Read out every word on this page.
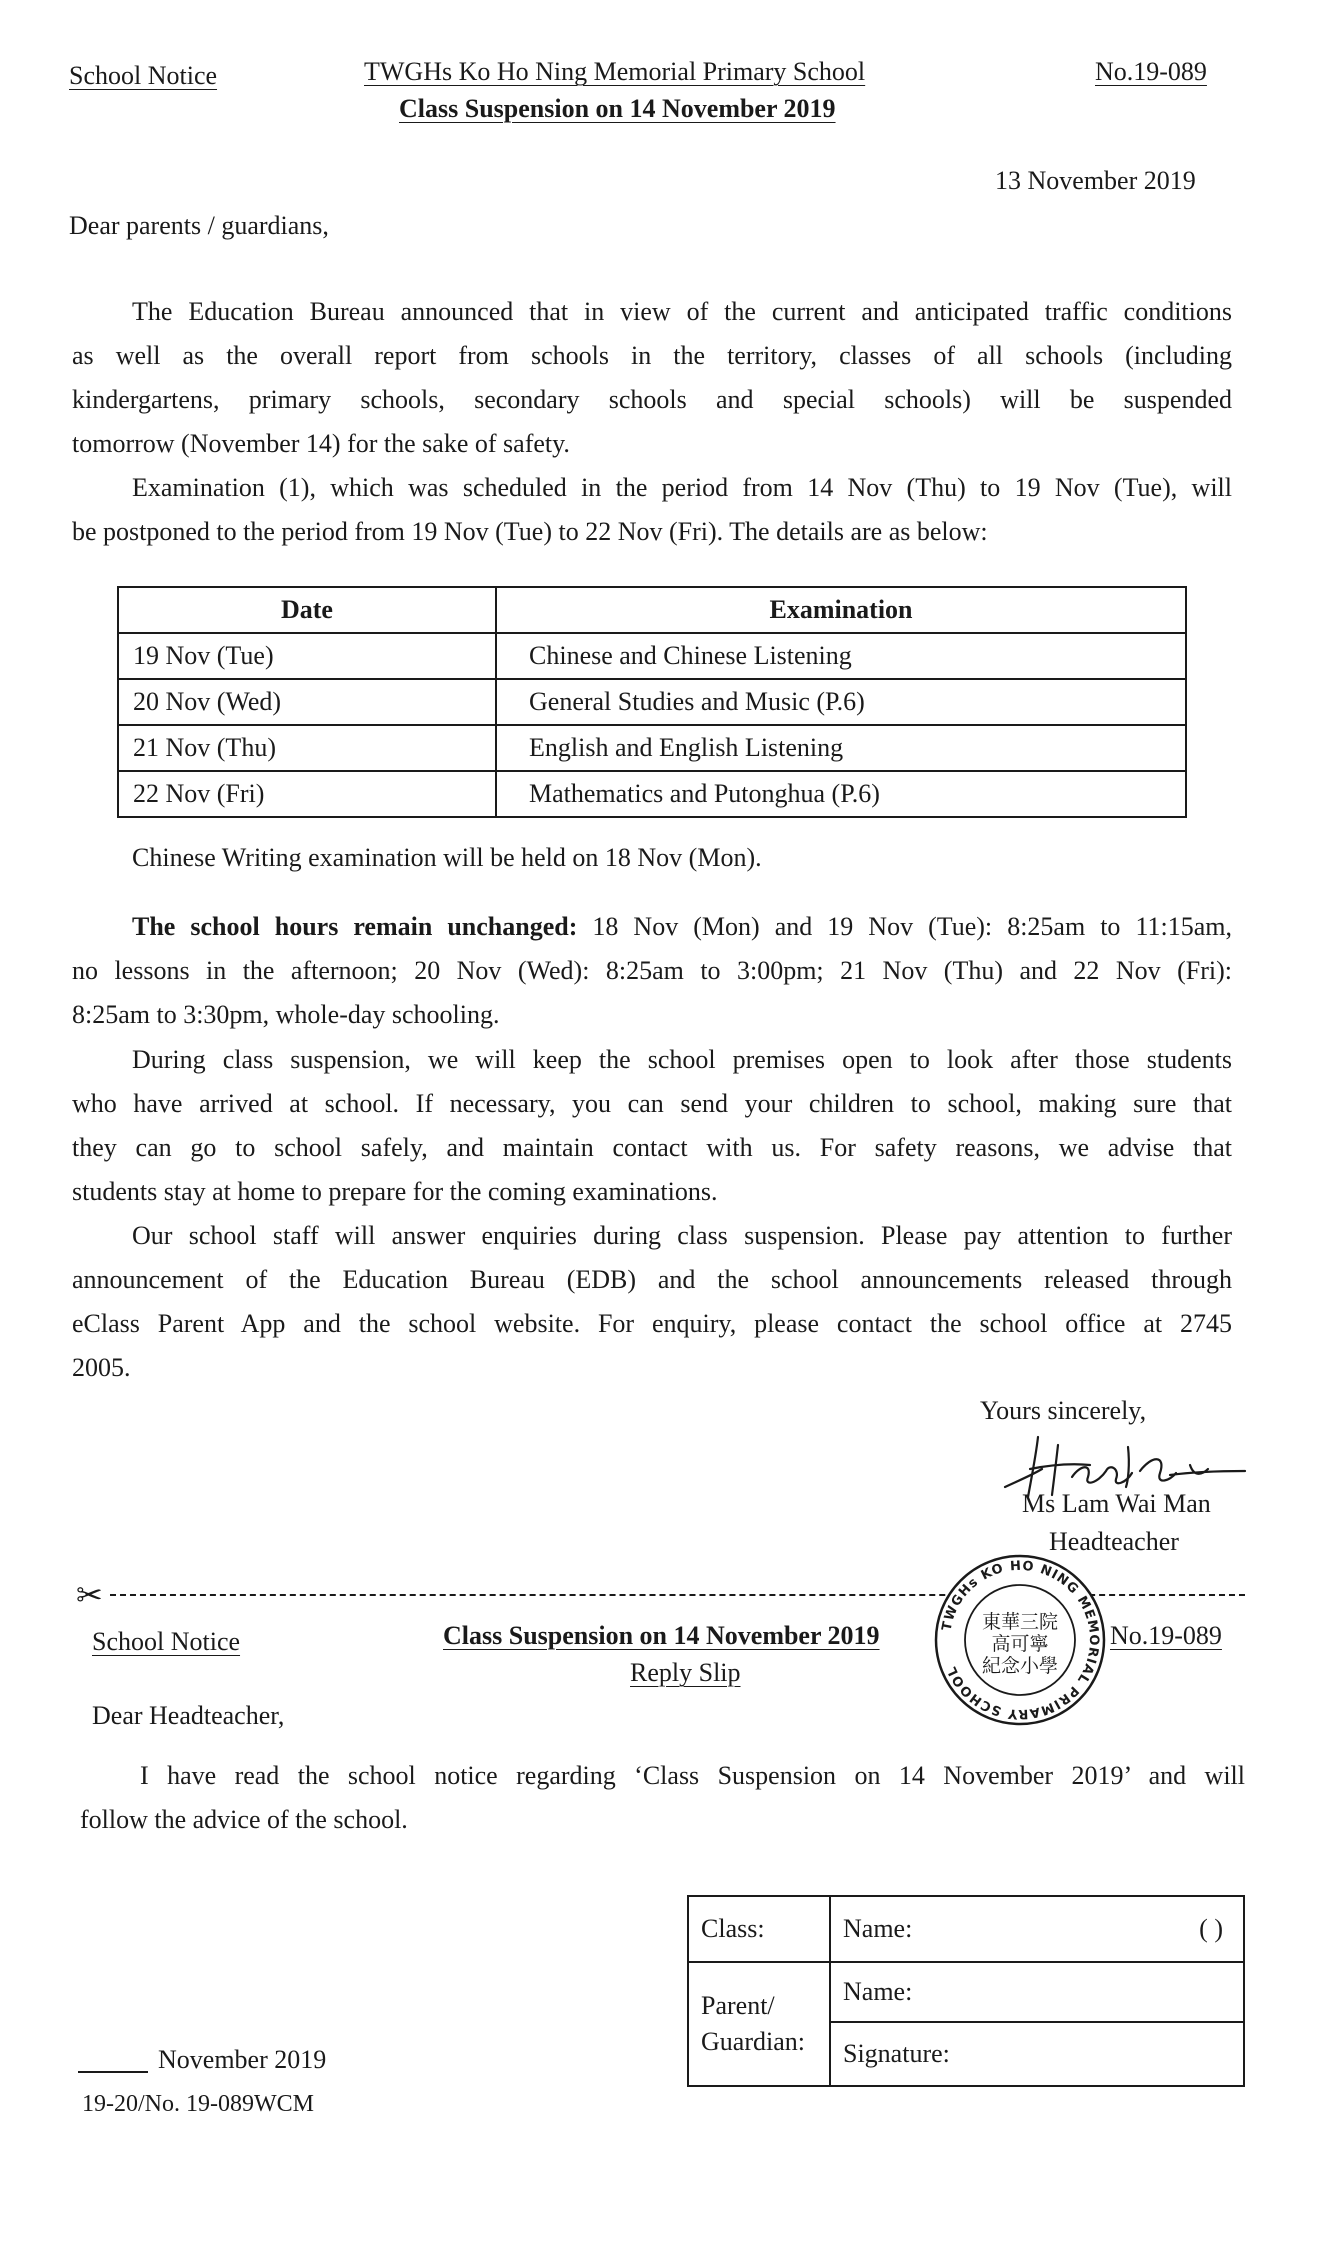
School Notice	TWGHs Ko Ho Ning Memorial Primary School
Class Suspension on 14 November 2019
No.19-089
13 November 2019
Dear parents / guardians,
The Education Bureau announced that in view of the current and anticipated traffic conditions
as well as the overall report from schools in the territory, classes of all schools (including
kindergartens, primary schools, secondary schools and special schools) will be suspended
tomorrow (November 14) for the sake of safety.
Examination (1), which was scheduled in the period from 14 Nov (Thu) to 19 Nov (Tue), will
be postponed to the period from 19 Nov (Tue) to 22 Nov (Fri). The details are as below:
Date	Examination
19 Nov (Tue)	Chinese and Chinese Listening
20 Nov (Wed)	General Studies and Music (P.6)
21 Nov (Thu)	English and English Listening
22 Nov (Fri)	Mathematics and Putonghua (P.6)
Chinese Writing examination will be held on 18 Nov (Mon).
The school hours remain unchanged: 18 Nov (Mon) and 19 Nov (Tue): 8:25am to 11:15am,
no lessons in the afternoon; 20 Nov (Wed): 8:25am to 3:00pm; 21 Nov (Thu) and 22 Nov (Fri):
8:25am to 3:30pm, whole-day schooling.
During class suspension, we will keep the school premises open to look after those students
who have arrived at school. If necessary, you can send your children to school, making sure that
they can go to school safely, and maintain contact with us. For safety reasons, we advise that
students stay at home to prepare for the coming examinations.
Our school staff will answer enquiries during class suspension. Please pay attention to further
announcement of the Education Bureau (EDB) and the school announcements released through
eClass Parent App and the school website. For enquiry, please contact the school office at 2745
2005.
Yours sincerely,
Ms Lam Wai Man
Headteacher
✂
TWGHs KO HO NING MEMORIAL PRIMARY SCHOOL
東華三院
高可寧
紀念小學
School Notice	Class Suspension on 14 November 2019	No.19-089
Reply Slip
Dear Headteacher,
I have read the school notice regarding ‘Class Suspension on 14 November 2019’ and will
follow the advice of the school.
Class:	Name: ( )

Parent/
Guardian:	Name:
	Signature:
November 2019
19-20/No. 19-089WCM
